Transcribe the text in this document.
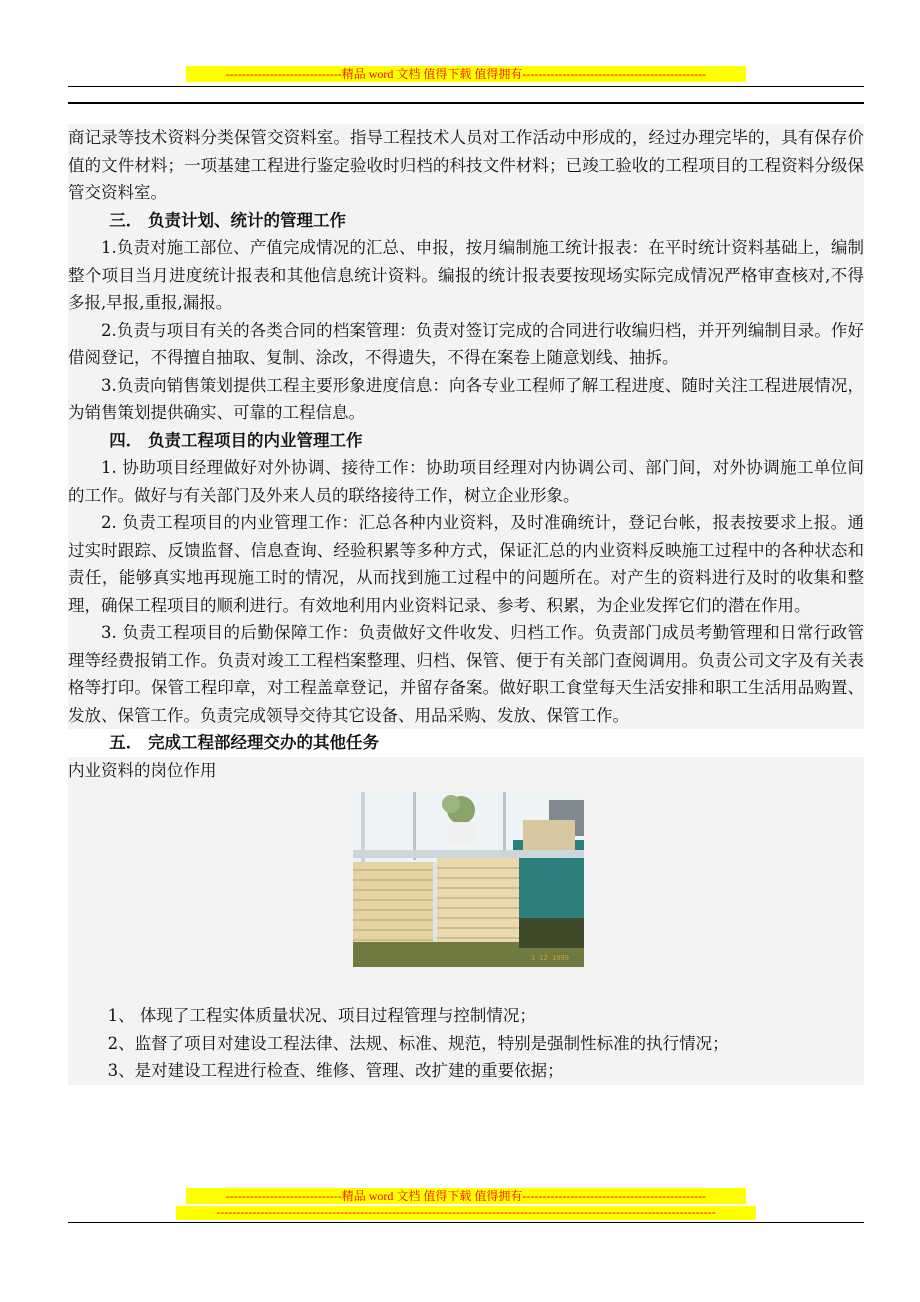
-----------------------------精品 word 文档 值得下载 值得拥有----------------------------------------------

商记录等技术资料分类保管交资料室。指导工程技术人员对工作活动中形成的，经过办理完毕的，具有保存价值的文件材料；一项基建工程进行鉴定验收时归档的科技文件材料；已竣工验收的工程项目的工程资料分级保管交资料室。

三． 负责计划、统计的管理工作

1.负责对施工部位、产值完成情况的汇总、申报，按月编制施工统计报表：在平时统计资料基础上，编制整个项目当月进度统计报表和其他信息统计资料。编报的统计报表要按现场实际完成情况严格审查核对,不得多报,早报,重报,漏报。

2.负责与项目有关的各类合同的档案管理：负责对签订完成的合同进行收编归档，并开列编制目录。作好借阅登记，不得擅自抽取、复制、涂改，不得遗失，不得在案卷上随意划线、抽拆。

3.负责向销售策划提供工程主要形象进度信息：向各专业工程师了解工程进度、随时关注工程进展情况，为销售策划提供确实、可靠的工程信息。

四． 负责工程项目的内业管理工作

1. 协助项目经理做好对外协调、接待工作：协助项目经理对内协调公司、部门间，对外协调施工单位间的工作。做好与有关部门及外来人员的联络接待工作，树立企业形象。

2. 负责工程项目的内业管理工作：汇总各种内业资料，及时准确统计，登记台帐，报表按要求上报。通过实时跟踪、反馈监督、信息查询、经验积累等多种方式，保证汇总的内业资料反映施工过程中的各种状态和责任，能够真实地再现施工时的情况，从而找到施工过程中的问题所在。对产生的资料进行及时的收集和整理，确保工程项目的顺利进行。有效地利用内业资料记录、参考、积累，为企业发挥它们的潜在作用。

3. 负责工程项目的后勤保障工作：负责做好文件收发、归档工作。负责部门成员考勤管理和日常行政管理等经费报销工作。负责对竣工工程档案整理、归档、保管、便于有关部门查阅调用。负责公司文字及有关表格等打印。保管工程印章，对工程盖章登记，并留存备案。做好职工食堂每天生活安排和职工生活用品购置、发放、保管工作。负责完成领导交待其它设备、用品采购、发放、保管工作。

五． 完成工程部经理交办的其他任务

内业资料的岗位作用

1 12 1999

1、 体现了工程实体质量状况、项目过程管理与控制情况；

2、监督了项目对建设工程法律、法规、标准、规范，特别是强制性标准的执行情况；

3、是对建设工程进行检查、维修、管理、改扩建的重要依据；

-----------------------------精品 word 文档 值得下载 值得拥有----------------------------------------------
-----------------------------------------------------------------------------------------------------------------------------
